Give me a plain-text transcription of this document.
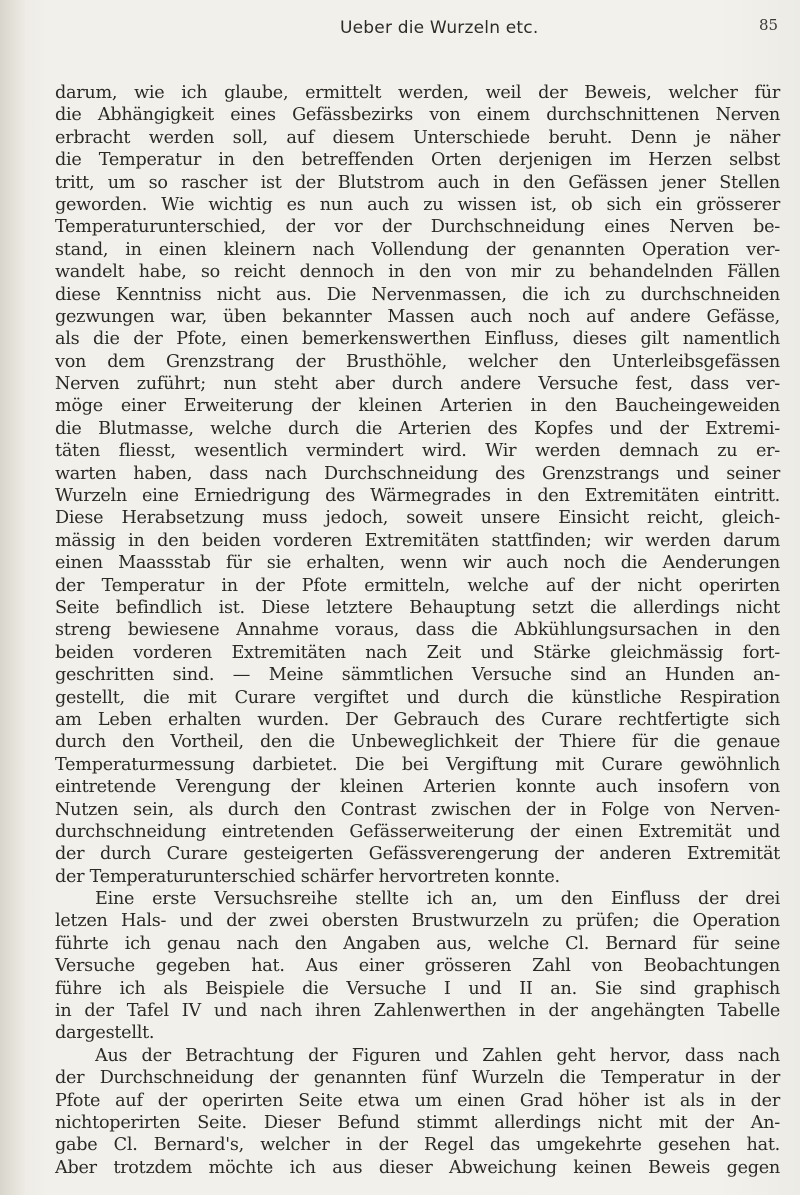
Ueber die Wurzeln etc.	85
darum, wie ich glaube, ermittelt werden, weil der Beweis, welcher für
die Abhängigkeit eines Gefässbezirks von einem durchschnittenen Nerven
erbracht werden soll, auf diesem Unterschiede beruht. Denn je näher
die Temperatur in den betreffenden Orten derjenigen im Herzen selbst
tritt, um so rascher ist der Blutstrom auch in den Gefässen jener Stellen
geworden. Wie wichtig es nun auch zu wissen ist, ob sich ein grösserer
Temperaturunterschied, der vor der Durchschneidung eines Nerven be-
stand, in einen kleinern nach Vollendung der genannten Operation ver-
wandelt habe, so reicht dennoch in den von mir zu behandelnden Fällen
diese Kenntniss nicht aus. Die Nervenmassen, die ich zu durchschneiden
gezwungen war, üben bekannter Massen auch noch auf andere Gefässe,
als die der Pfote, einen bemerkenswerthen Einfluss, dieses gilt namentlich
von dem Grenzstrang der Brusthöhle, welcher den Unterleibsgefässen
Nerven zuführt; nun steht aber durch andere Versuche fest, dass ver-
möge einer Erweiterung der kleinen Arterien in den Baucheingeweiden
die Blutmasse, welche durch die Arterien des Kopfes und der Extremi-
täten fliesst, wesentlich vermindert wird. Wir werden demnach zu er-
warten haben, dass nach Durchschneidung des Grenzstrangs und seiner
Wurzeln eine Erniedrigung des Wärmegrades in den Extremitäten eintritt.
Diese Herabsetzung muss jedoch, soweit unsere Einsicht reicht, gleich-
mässig in den beiden vorderen Extremitäten stattfinden; wir werden darum
einen Maassstab für sie erhalten, wenn wir auch noch die Aenderungen
der Temperatur in der Pfote ermitteln, welche auf der nicht operirten
Seite befindlich ist. Diese letztere Behauptung setzt die allerdings nicht
streng bewiesene Annahme voraus, dass die Abkühlungsursachen in den
beiden vorderen Extremitäten nach Zeit und Stärke gleichmässig fort-
geschritten sind. — Meine sämmtlichen Versuche sind an Hunden an-
gestellt, die mit Curare vergiftet und durch die künstliche Respiration
am Leben erhalten wurden. Der Gebrauch des Curare rechtfertigte sich
durch den Vortheil, den die Unbeweglichkeit der Thiere für die genaue
Temperaturmessung darbietet. Die bei Vergiftung mit Curare gewöhnlich
eintretende Verengung der kleinen Arterien konnte auch insofern von
Nutzen sein, als durch den Contrast zwischen der in Folge von Nerven-
durchschneidung eintretenden Gefässerweiterung der einen Extremität und
der durch Curare gesteigerten Gefässverengerung der anderen Extremität
der Temperaturunterschied schärfer hervortreten konnte.
Eine erste Versuchsreihe stellte ich an, um den Einfluss der drei
letzen Hals- und der zwei obersten Brustwurzeln zu prüfen; die Operation
führte ich genau nach den Angaben aus, welche Cl. Bernard für seine
Versuche gegeben hat. Aus einer grösseren Zahl von Beobachtungen
führe ich als Beispiele die Versuche I und II an. Sie sind graphisch
in der Tafel IV und nach ihren Zahlenwerthen in der angehängten Tabelle
dargestellt.
Aus der Betrachtung der Figuren und Zahlen geht hervor, dass nach
der Durchschneidung der genannten fünf Wurzeln die Temperatur in der
Pfote auf der operirten Seite etwa um einen Grad höher ist als in der
nichtoperirten Seite. Dieser Befund stimmt allerdings nicht mit der An-
gabe Cl. Bernard's, welcher in der Regel das umgekehrte gesehen hat.
Aber trotzdem möchte ich aus dieser Abweichung keinen Beweis gegen
